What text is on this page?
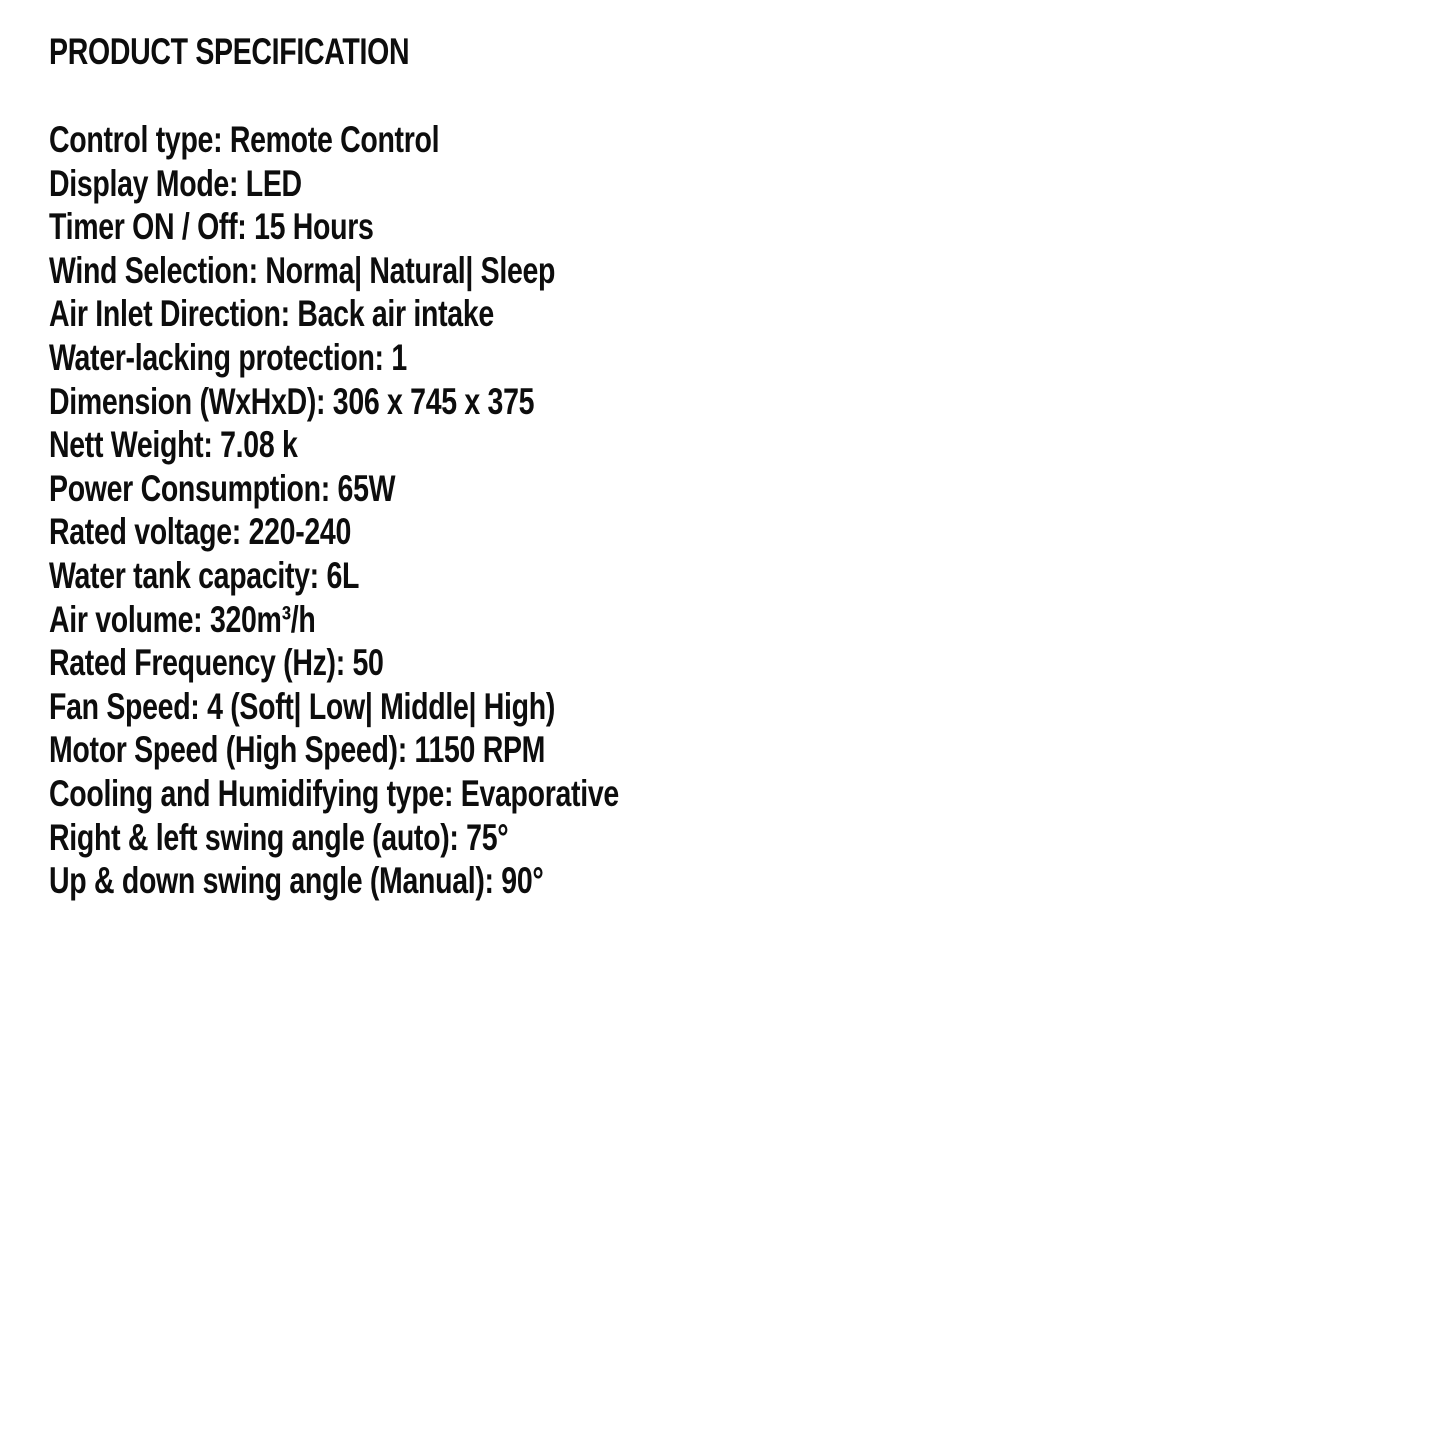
PRODUCT SPECIFICATION
Control type: Remote Control
Display Mode: LED
Timer ON / Off: 15 Hours
Wind Selection: Norma| Natural| Sleep
Air Inlet Direction: Back air intake
Water-lacking protection: 1
Dimension (WxHxD): 306 x 745 x 375
Nett Weight: 7.08 k
Power Consumption: 65W
Rated voltage: 220-240
Water tank capacity: 6L
Air volume: 320m³/h
Rated Frequency (Hz): 50
Fan Speed: 4 (Soft| Low| Middle| High)
Motor Speed (High Speed): 1150 RPM
Cooling and Humidifying type: Evaporative
Right & left swing angle (auto): 75°
Up & down swing angle (Manual): 90°
